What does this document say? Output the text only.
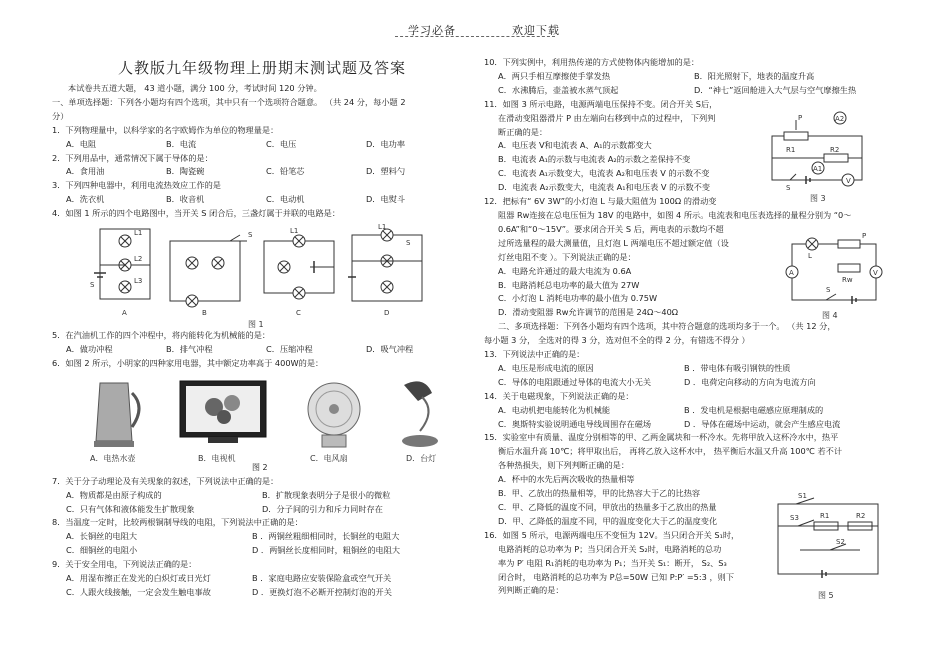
学习必备	欢迎下载

人教版九年级物理上册期末测试题及答案

本试卷共五道大题， 43 道小题，满分 100 分，考试时间 120 分钟。

一、单项选择题：下列各小题均有四个选项，其中只有一个选项符合题意。 （共 24 分，每小题 2

分）

1．下列物理量中，以科学家的名字欧姆作为单位的物理量是：

A．电阻	B．电流	C．电压	D．电功率

2．下列用品中，通常情况下属于导体的是：

A．食用油	B．陶瓷碗	C．铅笔芯	D．塑料勺

3．下列四种电器中，利用电流热效应工作的是

A．洗衣机	B．收音机	C．电动机	D．电熨斗

4．如图 1 所示的四个电路图中，当开关 S 闭合后，三盏灯属于并联的电路是：

L1
L2
L3
S
S	L1	L1
S
A	B	C	D
图 1

5．在汽油机工作的四个冲程中，将内能转化为机械能的是：

A．做功冲程	B．排气冲程	C．压缩冲程	D．吸气冲程

6．如图 2 所示，小明家的四种家用电器，其中额定功率高于 400W的是：

A．电热水壶	B．电视机	C．电风扇	D．台灯

图 2

7．关于分子动理论及有关现象的叙述，下列说法中正确的是：

A．物质都是由原子构成的	B．扩散现象表明分子是很小的微粒
C．只有气体和液体能发生扩散现象	D．分子间的引力和斥力同时存在

8．当温度一定时，比较两根铜制导线的电阻，下列说法中正确的是：

A．长铜丝的电阻大	B ．两铜丝粗细相同时，长铜丝的电阻大
C．细铜丝的电阻小	D ．两铜丝长度相同时，粗铜丝的电阻大

9．关于安全用电，下列说法正确的是：

A．用湿布擦正在发光的白炽灯或日光灯	B ．家庭电路应安装保险盒或空气开关
C．人跟火线接触，一定会发生触电事故	D ．更换灯泡不必断开控制灯泡的开关

10．下列实例中，利用热传递的方式使物体内能增加的是：

A．两只手相互摩擦使手掌发热	B．阳光照射下，地表的温度升高
C．水沸腾后，壶盖被水蒸气顶起	D．“神七”返回舱进入大气层与空气摩擦生热

11．如图 3 所示电路，电源两端电压保持不变。闭合开关 S后，

在滑动变阻器滑片 P 由左端向右移到中点的过程中， 下列判

断正确的是：

A．电压表 V和电流表 A、A₁的示数都变大

B．电流表 A₁的示数与电流表 A₂的示数之差保持不变

C．电流表 A₁示数变大，电流表 A₂和电压表 V 的示数不变

D．电流表 A₂示数变大，电流表 A₁和电压表 V 的示数不变

12．把标有“ 6V 3W”的小灯泡 L 与最大阻值为 100Ω 的滑动变

阻器 Rw连接在总电压恒为 18V 的电路中，如图 4 所示。电流表和电压表选择的量程分别为 “0～

0.6A”和“0～15V”。要求闭合开关 S 后，两电表的示数均不超

过所选量程的最大测量值，且灯泡 L 两端电压不超过额定值（设

灯丝电阻不变 ）。下列说法正确的是：

A．电路允许通过的最大电流为 0.6A

B．电路消耗总电功率的最大值为 27W

C．小灯泡 L 消耗电功率的最小值为 0.75W

D．滑动变阻器 Rw允许调节的范围是 24Ω～40Ω

二、多项选择题：下列各小题均有四个选项，其中符合题意的选项均多于一个。 （共 12 分，

每小题 3 分， 全选对的得 3 分，选对但不全的得 2 分，有错选不得分 ）

13．下列说法中正确的是：

A．电压是形成电流的原因	B ．带电体有吸引钢铁的性质
C．导体的电阻跟通过导体的电流大小无关	D ．电荷定向移动的方向为电流方向

14．关于电磁现象，下列说法正确的是：

A．电动机把电能转化为机械能	B ．发电机是根据电磁感应原理制成的
C．奥斯特实验说明通电导线周围存在磁场	D ．导体在磁场中运动，就会产生感应电流

15．实验室中有质量、温度分别相等的甲、乙两金属块和一杯冷水。先将甲放入这杯冷水中，热平

衡后水温升高 10℃；将甲取出后， 再将乙放入这杯水中， 热平衡后水温又升高 100℃ 若不计

各种热损失，则下列判断正确的是：

A．杯中的水先后两次吸收的热量相等

B．甲、乙放出的热量相等，甲的比热容大于乙的比热容

C．甲、乙降低的温度不同，甲放出的热量多于乙放出的热量

D．甲、乙降低的温度不同，甲的温度变化大于乙的温度变化

16．如图 5 所示，电源两端电压不变恒为 12V。当只闭合开关 S₁时，

电路消耗的总功率为 P；当只闭合开关 S₂时，电路消耗的总功

率为 P′ 电阻 R₁消耗的电功率为 P₁；当开关 S₁：断开， S₂、S₃

闭合时， 电路消耗的总功率为 P总=50W 已知 P:P′ =5:3 ，则下

列判断正确的是：

A2
A1
V
R1	R2
P
S
图 3
A	V
L
Rw
P
S
图 4
S1
S3
S2
R1	R2
图 5
